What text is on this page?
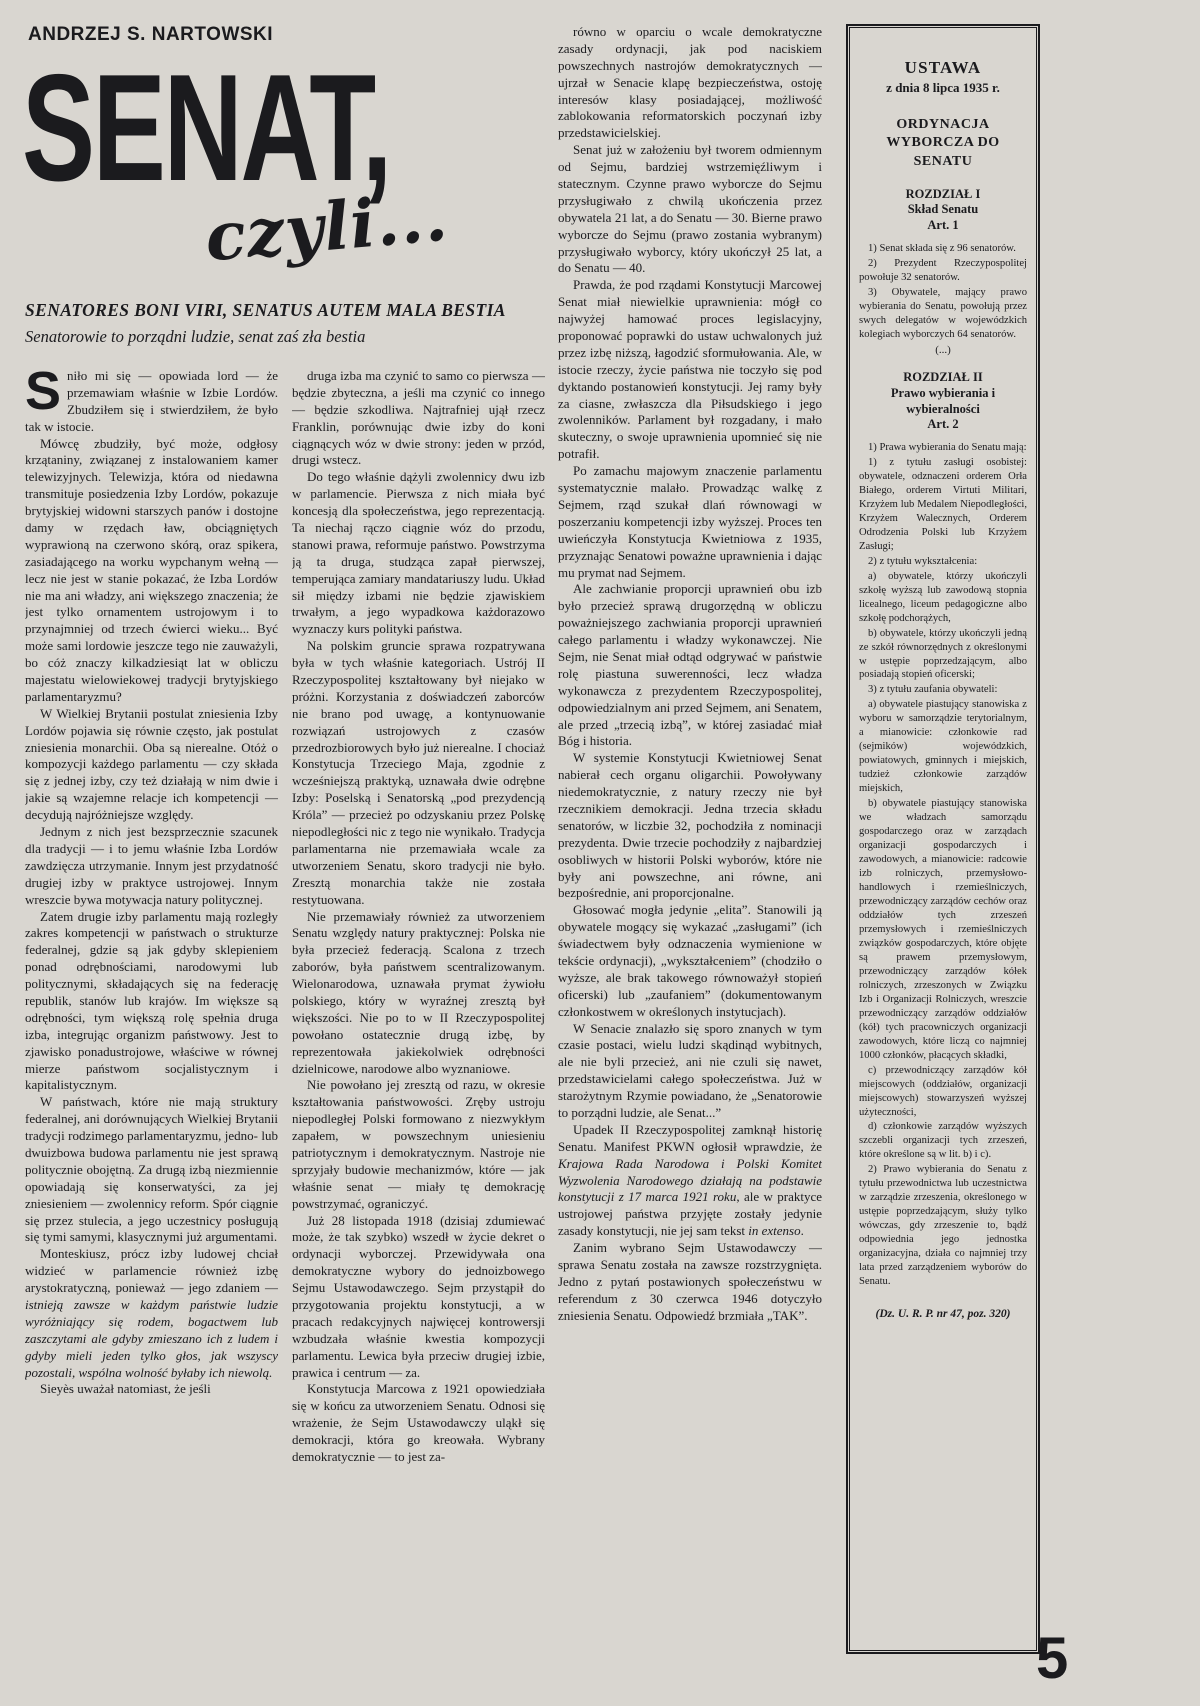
ANDRZEJ S. NARTOWSKI
SENAT,
czyli...
SENATORES BONI VIRI, SENATUS AUTEM MALA BESTIA
Senatorowie to porządni ludzie, senat zaś zła bestia
Sniło mi się — opowiada lord — że przemawiam właśnie w Izbie Lordów. Zbudziłem się i stwierdziłem, że było tak w istocie.
Mówcę zbudziły, być może, odgłosy krzątaniny, związanej z instalowaniem kamer telewizyjnych. Telewizja, która od niedawna transmituje posiedzenia Izby Lordów, pokazuje brytyjskiej widowni starszych panów i dostojne damy w rzędach ław, obciągniętych wyprawioną na czerwono skórą, oraz spikera, zasiadającego na worku wypchanym wełną — lecz nie jest w stanie pokazać, że Izba Lordów nie ma ani władzy, ani większego znaczenia; że jest tylko ornamentem ustrojowym i to przynajmniej od trzech ćwierci wieku... Być może sami lordowie jeszcze tego nie zauważyli, bo cóż znaczy kilkadziesiąt lat w obliczu majestatu wielowiekowej tradycji brytyjskiego parlamentaryzmu?
W Wielkiej Brytanii postulat zniesienia Izby Lordów pojawia się równie często, jak postulat zniesienia monarchii. Oba są nierealne. Otóż o kompozycji każdego parlamentu — czy składa się z jednej izby, czy też działają w nim dwie i jakie są wzajemne relacje ich kompetencji — decydują najróżniejsze względy.
Jednym z nich jest bezsprzecznie szacunek dla tradycji — i to jemu właśnie Izba Lordów zawdzięcza utrzymanie. Innym jest przydatność drugiej izby w praktyce ustrojowej. Innym wreszcie bywa motywacja natury politycznej.
Zatem drugie izby parlamentu mają rozległy zakres kompetencji w państwach o strukturze federalnej, gdzie są jak gdyby sklepieniem ponad odrębnościami, narodowymi lub politycznymi, składających się na federację republik, stanów lub krajów. Im większe są odrębności, tym większą rolę spełnia druga izba, integrując organizm państwowy. Jest to zjawisko ponadustrojowe, właściwe w równej mierze państwom socjalistycznym i kapitalistycznym.
W państwach, które nie mają struktury federalnej, ani dorównujących Wielkiej Brytanii tradycji rodzimego parlamentaryzmu, jedno- lub dwuizbowa budowa parlamentu nie jest sprawą politycznie obojętną. Za drugą izbą niezmiennie opowiadają się konserwatyści, za jej zniesieniem — zwolennicy reform. Spór ciągnie się przez stulecia, a jego uczestnicy posługują się tymi samymi, klasycznymi już argumentami.
Monteskiusz, prócz izby ludowej chciał widzieć w parlamencie również izbę arystokratyczną, ponieważ — jego zdaniem — istnieją zawsze w każdym państwie ludzie wyróżniający się rodem, bogactwem lub zaszczytami ale gdyby zmieszano ich z ludem i gdyby mieli jeden tylko głos, jak wszyscy pozostali, wspólna wolność byłaby ich niewolą.
Sieyès uważał natomiast, że jeśli
druga izba ma czynić to samo co pierwsza — będzie zbyteczna, a jeśli ma czynić co innego — będzie szkodliwa. Najtrafniej ujął rzecz Franklin, porównując dwie izby do koni ciągnących wóz w dwie strony: jeden w przód, drugi wstecz.
Do tego właśnie dążyli zwolennicy dwu izb w parlamencie. Pierwsza z nich miała być koncesją dla społeczeństwa, jego reprezentacją. Ta niechaj rączo ciągnie wóz do przodu, stanowi prawa, reformuje państwo. Powstrzyma ją ta druga, studząca zapał pierwszej, temperująca zamiary mandatariuszy ludu. Układ sił między izbami nie będzie zjawiskiem trwałym, a jego wypadkowa każdorazowo wyznaczy kurs polityki państwa.
Na polskim gruncie sprawa rozpatrywana była w tych właśnie kategoriach. Ustrój II Rzeczypospolitej kształtowany był niejako w próżni. Korzystania z doświadczeń zaborców nie brano pod uwagę, a kontynuowanie rozwiązań ustrojowych z czasów przedrozbiorowych było już nierealne. I chociaż Konstytucja Trzeciego Maja, zgodnie z wcześniejszą praktyką, uznawała dwie odrębne Izby: Poselską i Senatorską „pod prezydencją Króla” — przecież po odzyskaniu przez Polskę niepodległości nic z tego nie wynikało. Tradycja parlamentarna nie przemawiała wcale za utworzeniem Senatu, skoro tradycji nie było. Zresztą monarchia także nie została restytuowana.
Nie przemawiały również za utworzeniem Senatu względy natury praktycznej: Polska nie była przecież federacją. Scalona z trzech zaborów, była państwem scentralizowanym. Wielonarodowa, uznawała prymat żywiołu polskiego, który w wyraźnej zresztą był większości. Nie po to w II Rzeczypospolitej powołano ostatecznie drugą izbę, by reprezentowała jakiekolwiek odrębności dzielnicowe, narodowe albo wyznaniowe.
Nie powołano jej zresztą od razu, w okresie kształtowania państwowości. Zręby ustroju niepodległej Polski formowano z niezwykłym zapałem, w powszechnym uniesieniu patriotycznym i demokratycznym. Nastroje nie sprzyjały budowie mechanizmów, które — jak właśnie senat — miały tę demokrację powstrzymać, ograniczyć.
Już 28 listopada 1918 (dzisiaj zdumiewać może, że tak szybko) wszedł w życie dekret o ordynacji wyborczej. Przewidywała ona demokratyczne wybory do jednoizbowego Sejmu Ustawodawczego. Sejm przystąpił do przygotowania projektu konstytucji, a w pracach redakcyjnych najwięcej kontrowersji wzbudzała właśnie kwestia kompozycji parlamentu. Lewica była przeciw drugiej izbie, prawica i centrum — za.
Konstytucja Marcowa z 1921 opowiedziała się w końcu za utworzeniem Senatu. Odnosi się wrażenie, że Sejm Ustawodawczy uląkł się demokracji, która go kreowała. Wybrany demokratycznie — to jest za-
równo w oparciu o wcale demokratyczne zasady ordynacji, jak pod naciskiem powszechnych nastrojów demokratycznych — ujrzał w Senacie klapę bezpieczeństwa, ostoję interesów klasy posiadającej, możliwość zablokowania reformatorskich poczynań izby przedstawicielskiej.
Senat już w założeniu był tworem odmiennym od Sejmu, bardziej wstrzemięźliwym i statecznym. Czynne prawo wyborcze do Sejmu przysługiwało z chwilą ukończenia przez obywatela 21 lat, a do Senatu — 30. Bierne prawo wyborcze do Sejmu (prawo zostania wybranym) przysługiwało wyborcy, który ukończył 25 lat, a do Senatu — 40.
Prawda, że pod rządami Konstytucji Marcowej Senat miał niewielkie uprawnienia: mógł co najwyżej hamować proces legislacyjny, proponować poprawki do ustaw uchwalonych już przez izbę niższą, łagodzić sformułowania. Ale, w istocie rzeczy, życie państwa nie toczyło się pod dyktando postanowień konstytucji. Jej ramy były za ciasne, zwłaszcza dla Piłsudskiego i jego zwolenników. Parlament był rozgadany, i mało skuteczny, o swoje uprawnienia upomnieć się nie potrafił.
Po zamachu majowym znaczenie parlamentu systematycznie malało. Prowadząc walkę z Sejmem, rząd szukał dlań równowagi w poszerzaniu kompetencji izby wyższej. Proces ten uwieńczyła Konstytucja Kwietniowa z 1935, przyznając Senatowi poważne uprawnienia i dając mu prymat nad Sejmem.
Ale zachwianie proporcji uprawnień obu izb było przecież sprawą drugorzędną w obliczu poważniejszego zachwiania proporcji uprawnień całego parlamentu i władzy wykonawczej. Nie Sejm, nie Senat miał odtąd odgrywać w państwie rolę piastuna suwerenności, lecz władza wykonawcza z prezydentem Rzeczypospolitej, odpowiedzialnym ani przed Sejmem, ani Senatem, ale przed „trzecią izbą”, w której zasiadać miał Bóg i historia.
W systemie Konstytucji Kwietniowej Senat nabierał cech organu oligarchii. Powoływany niedemokratycznie, z natury rzeczy nie był rzecznikiem demokracji. Jedna trzecia składu senatorów, w liczbie 32, pochodziła z nominacji prezydenta. Dwie trzecie pochodziły z najbardziej osobliwych w historii Polski wyborów, które nie były ani powszechne, ani równe, ani bezpośrednie, ani proporcjonalne.
Głosować mogła jedynie „elita”. Stanowili ją obywatele mogący się wykazać „zasługami” (ich świadectwem były odznaczenia wymienione w tekście ordynacji), „wykształceniem” (chodziło o wyższe, ale brak takowego równoważył stopień oficerski) lub „zaufaniem” (dokumentowanym członkostwem w określonych instytucjach).
W Senacie znalazło się sporo znanych w tym czasie postaci, wielu ludzi skądinąd wybitnych, ale nie byli przecież, ani nie czuli się nawet, przedstawicielami całego społeczeństwa. Już w starożytnym Rzymie powiadano, że „Senatorowie to porządni ludzie, ale Senat...”
Upadek II Rzeczypospolitej zamknął historię Senatu. Manifest PKWN ogłosił wprawdzie, że Krajowa Rada Narodowa i Polski Komitet Wyzwolenia Narodowego działają na podstawie konstytucji z 17 marca 1921 roku, ale w praktyce ustrojowej państwa przyjęte zostały jedynie zasady konstytucji, nie jej sam tekst in extenso.
Zanim wybrano Sejm Ustawodawczy — sprawa Senatu została na zawsze rozstrzygnięta. Jedno z pytań postawionych społeczeństwu w referendum z 30 czerwca 1946 dotyczyło zniesienia Senatu. Odpowiedź brzmiała „TAK”.
USTAWA
z dnia 8 lipca 1935 r.
ORDYNACJA WYBORCZA DO SENATU
ROZDZIAŁ I
Skład Senatu
Art. 1
1) Senat składa się z 96 senatorów.
2) Prezydent Rzeczypospolitej powołuje 32 senatorów.
3) Obywatele, mający prawo wybierania do Senatu, powołują przez swych delegatów w wojewódzkich kolegiach wyborczych 64 senatorów.
(...)
ROZDZIAŁ II
Prawo wybierania i wybieralności
Art. 2
1) Prawa wybierania do Senatu mają:
1) z tytułu zasługi osobistej: obywatele, odznaczeni orderem Orła Białego, orderem Virtuti Militari, Krzyżem lub Medalem Niepodległości, Krzyżem Walecznych, Orderem Odrodzenia Polski lub Krzyżem Zasługi;
2) z tytułu wykształcenia:
a) obywatele, którzy ukończyli szkołę wyższą lub zawodową stopnia licealnego, liceum pedagogiczne albo szkołę podchorążych,
b) obywatele, którzy ukończyli jedną ze szkół równorzędnych z określonymi w ustępie poprzedzającym, albo posiadają stopień oficerski;
3) z tytułu zaufania obywateli:
a) obywatele piastujący stanowiska z wyboru w samorządzie terytorialnym, a mianowicie: członkowie rad (sejmików) wojewódzkich, powiatowych, gminnych i miejskich, tudzież członkowie zarządów miejskich,
b) obywatele piastujący stanowiska we władzach samorządu gospodarczego oraz w zarządach organizacji gospodarczych i zawodowych, a mianowicie: radcowie izb rolniczych, przemysłowo-handlowych i rzemieślniczych, przewodniczący zarządów cechów oraz oddziałów tych zrzeszeń przemysłowych i rzemieślniczych związków gospodarczych, które objęte są prawem przemysłowym, przewodniczący zarządów kółek rolniczych, zrzeszonych w Związku Izb i Organizacji Rolniczych, wreszcie przewodniczący zarządów oddziałów (kół) tych pracowniczych organizacji zawodowych, które liczą co najmniej 1000 członków, płacących składki,
c) przewodniczący zarządów kół miejscowych (oddziałów, organizacji miejscowych) stowarzyszeń wyższej użyteczności,
d) członkowie zarządów wyższych szczebli organizacji tych zrzeszeń, które określone są w lit. b) i c).
2) Prawo wybierania do Senatu z tytułu przewodnictwa lub uczestnictwa w zarządzie zrzeszenia, określonego w ustępie poprzedzającym, służy tylko wówczas, gdy zrzeszenie to, bądź odpowiednia jego jednostka organizacyjna, działa co najmniej trzy lata przed zarządzeniem wyborów do Senatu.
(Dz. U. R. P. nr 47, poz. 320)
5
